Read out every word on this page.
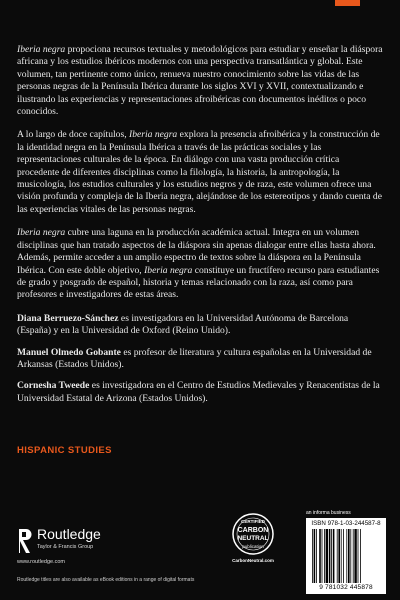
Iberia negra propociona recursos textuales y metodológicos para estudiar y enseñar la diáspora africana y los estudios ibéricos modernos con una perspectiva transatlántica y global. Este volumen, tan pertinente como único, renueva nuestro conocimiento sobre las vidas de las personas negras de la Península Ibérica durante los siglos XVI y XVII, contextualizando e ilustrando las experiencias y representaciones afroibéricas con documentos inéditos o poco conocidos.

A lo largo de doce capítulos, Iberia negra explora la presencia afroibérica y la construcción de la identidad negra en la Península Ibérica a través de las prácticas sociales y las representaciones culturales de la época. En diálogo con una vasta producción crítica procedente de diferentes disciplinas como la filología, la historia, la antropología, la musicología, los estudios culturales y los estudios negros y de raza, este volumen ofrece una visión profunda y compleja de la Iberia negra, alejándose de los estereotipos y dando cuenta de las experiencias vitales de las personas negras.

Iberia negra cubre una laguna en la producción académica actual. Integra en un volumen disciplinas que han tratado aspectos de la diáspora sin apenas dialogar entre ellas hasta ahora. Además, permite acceder a un amplio espectro de textos sobre la diáspora en la Península Ibérica. Con este doble objetivo, Iberia negra constituye un fructífero recurso para estudiantes de grado y posgrado de español, historia y temas relacionado con la raza, así como para profesores e investigadores de estas áreas.

Diana Berruezo-Sánchez es investigadora en la Universidad Autónoma de Barcelona (España) y en la Universidad de Oxford (Reino Unido).

Manuel Olmedo Gobante es profesor de literatura y cultura españolas en la Universidad de Arkansas (Estados Unidos).

Cornesha Tweede es investigadora en el Centro de Estudios Medievales y Renacentistas de la Universidad Estatal de Arizona (Estados Unidos).

HISPANIC STUDIES
Routledge
Taylor & Francis Group
www.routledge.com
Routledge titles are also available as eBook editions in a range of digital formats
CERTIFIED
CARBON
NEUTRAL
publication
CarbonNeutral.com
an informa business
ISBN 978-1-03-244587-8
9 781032 445878
